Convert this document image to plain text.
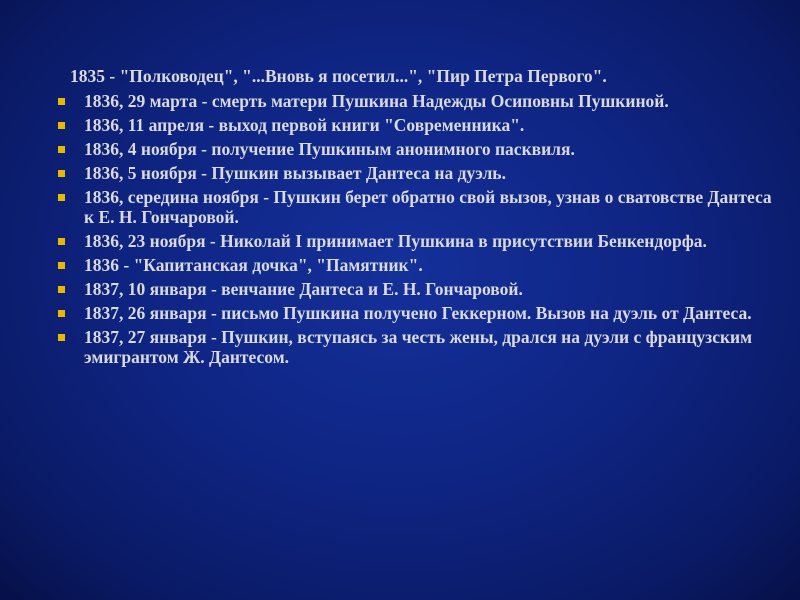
1835 - "Полководец", "...Вновь я посетил...", "Пир Петра Первого".
1836, 29 марта - смерть матери Пушкина Надежды Осиповны Пушкиной.
1836, 11 апреля - выход первой книги "Современника".
1836, 4 ноября - получение Пушкиным анонимного пасквиля.
1836, 5 ноября - Пушкин вызывает Дантеса на дуэль.
1836, середина ноября - Пушкин берет обратно свой вызов, узнав о сватовстве Дантеса к Е. Н. Гончаровой.
1836, 23 ноября - Николай I принимает Пушкина в присутствии Бенкендорфа.
1836 - "Капитанская дочка", "Памятник".
1837, 10 января - венчание Дантеса и Е. Н. Гончаровой.
1837, 26 января - письмо Пушкина получено Геккерном. Вызов на дуэль от Дантеса.
1837, 27 января - Пушкин, вступаясь за честь жены, дрался на дуэли с французским эмигрантом Ж. Дантесом.
